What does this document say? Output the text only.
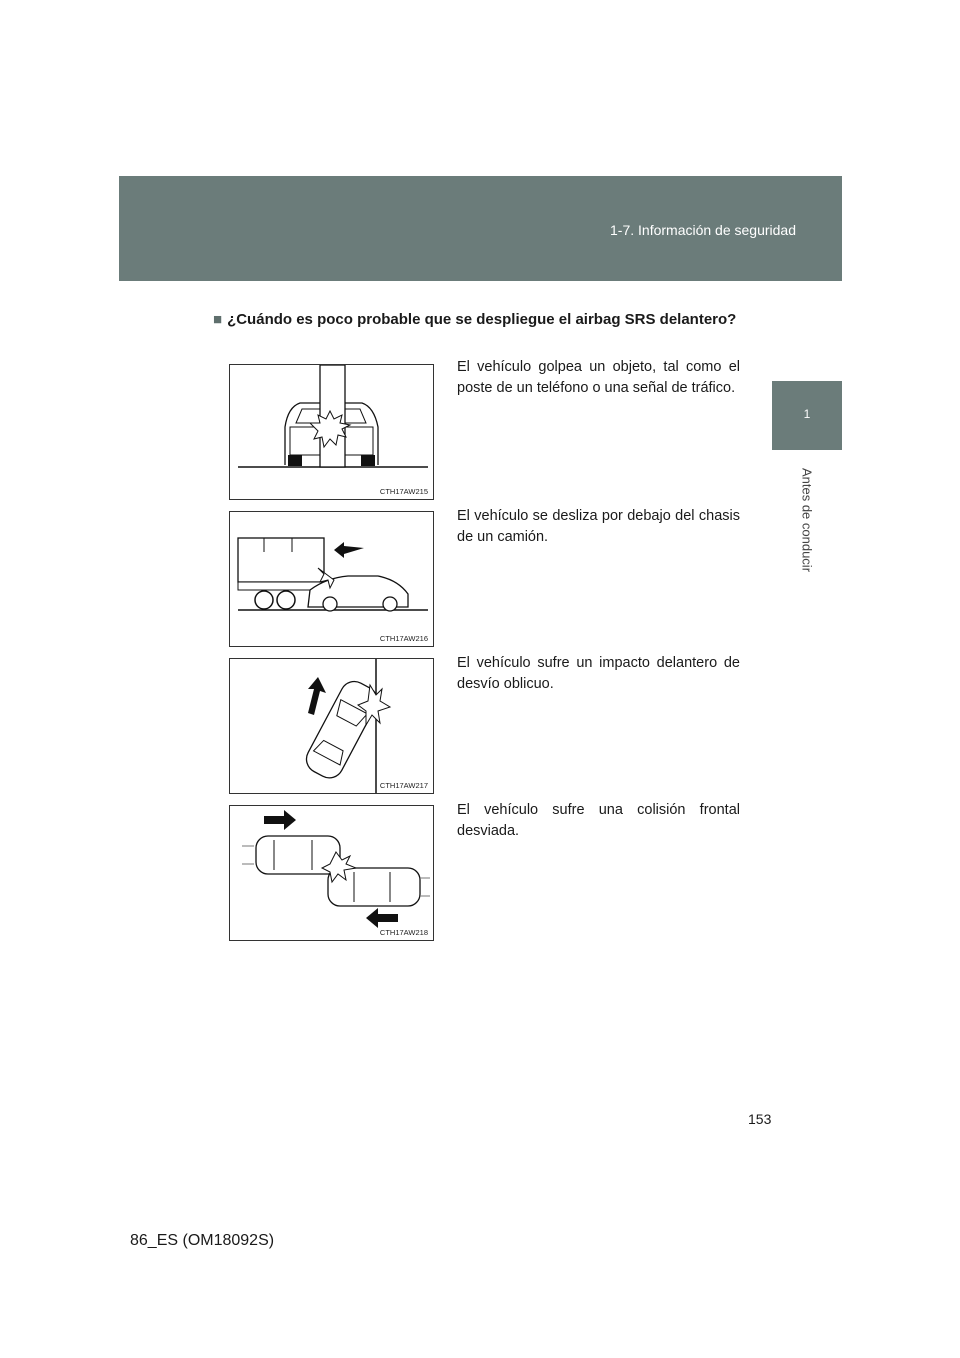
1-7. Información de seguridad
1
Antes de conducir
■ ¿Cuándo es poco probable que se despliegue el airbag SRS delantero?
CTH17AW215
El vehículo golpea un objeto, tal como el poste de un teléfono o una señal de tráfico.
CTH17AW216
El vehículo se desliza por debajo del chasis de un camión.
CTH17AW217
El vehículo sufre un impacto delantero de desvío oblicuo.
CTH17AW218
El vehículo sufre una colisión frontal desviada.
153
86_ES (OM18092S)
